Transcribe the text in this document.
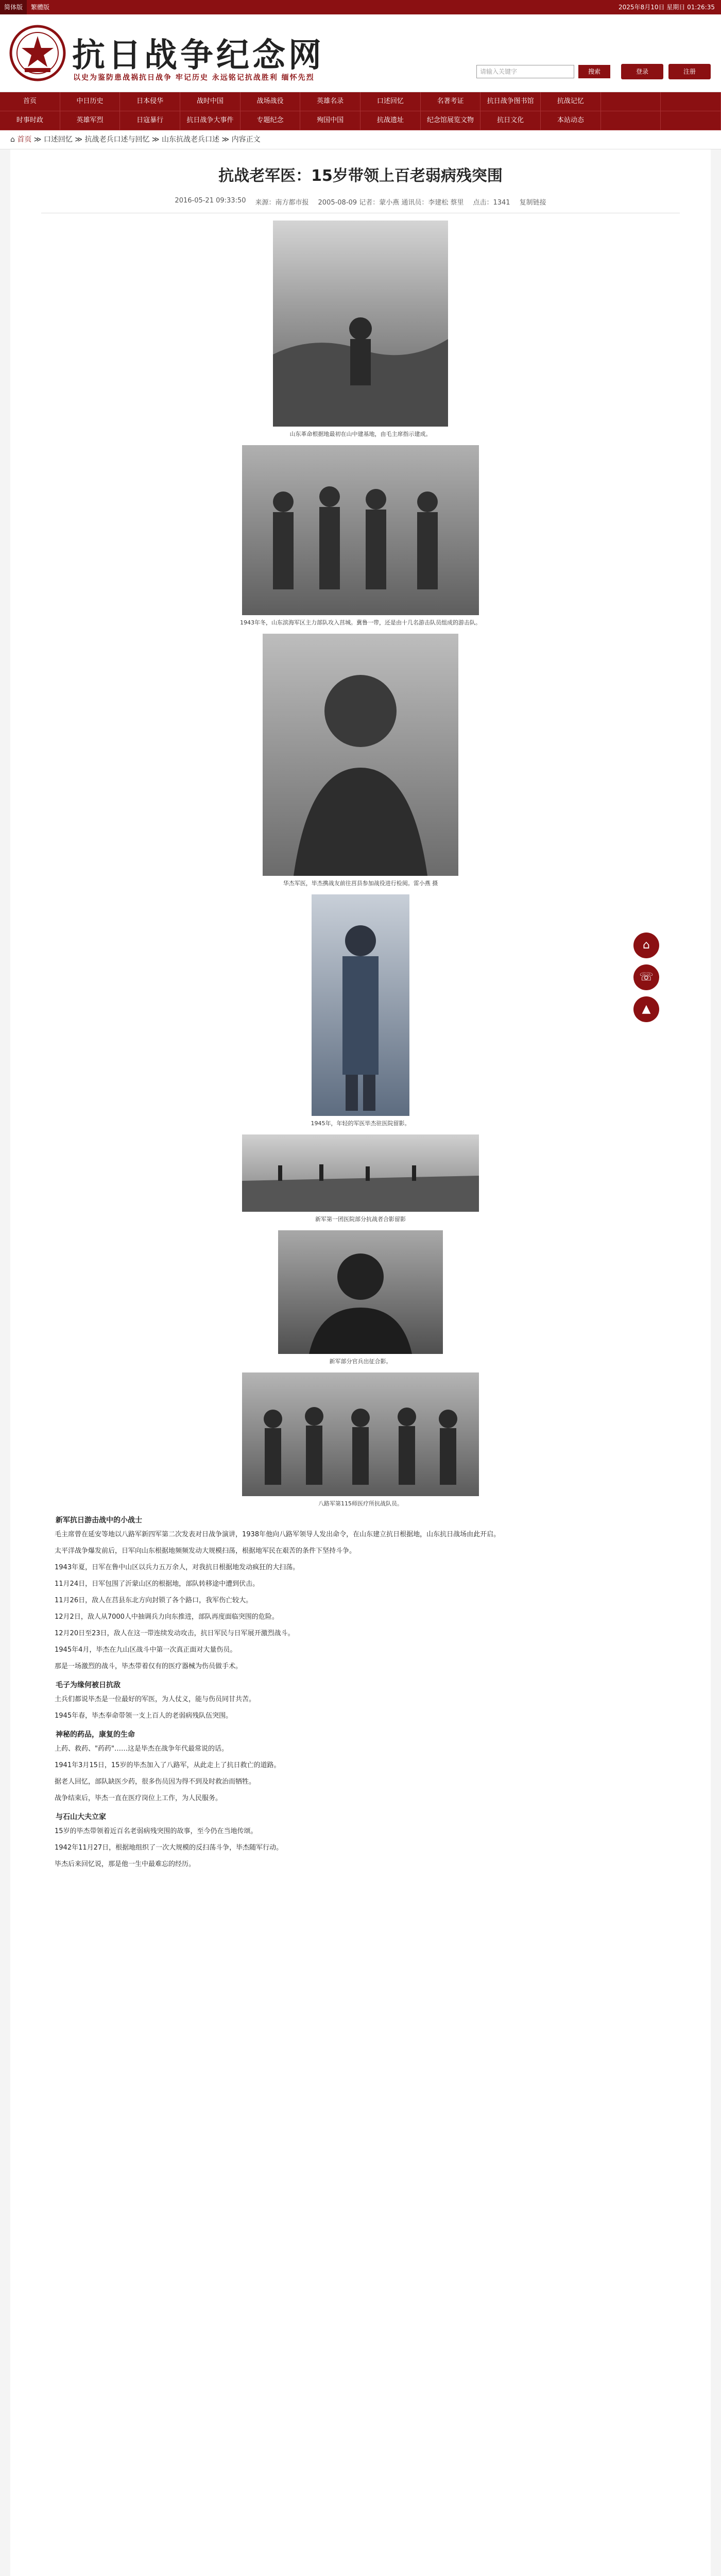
简体版	繁體版	2025年8月10日 星期日 01:26:35
抗日战争纪念网
以史为鉴防患战祸抗日战争 牢记历史 永远铭记抗战胜利 缅怀先烈
请输入关键字	搜索	登录	注册
首页	中日历史	日本侵华	战时中国	战场战役	英雄名录	口述回忆	名著考证	抗日战争图书馆	抗战记忆
时事时政	英雄军烈	日寇暴行	抗日战争大事件	专题纪念	殉国中国	抗战遗址	纪念馆展览文物	抗日文化	本站动态
⌂ 首页 ≫ 口述回忆 ≫ 抗战老兵口述与回忆 ≫ 山东抗战老兵口述 ≫ 内容正文
抗战老军医：15岁带领上百老弱病残突围
2016-05-21 09:33:50 来源：南方都市报 2005-08-09 记者：蒙小燕 通讯员：李建松 蔡里 点击：1341 复制链接
山东革命根据地最初在山中建基地，由毛主席指示建成。
1943年冬，山东滨海军区主力部队攻入莒城。冀鲁一带，还是由十几名游击队员组成的游击队。
华杰军医，毕杰携战友前往莒县参加战役进行检阅。雷小燕 摄
1945年，年轻的军医毕杰驻医院留影。
新军第一团医院部分抗战者合影留影
新军部分官兵出征合影。
八路军第115师医疗所抗战队员。
新军抗日游击战中的小战士

毛主席曾在延安等地以八路军新四军第二次发表对日战争演讲，1938年他向八路军领导人发出命令，在山东建立抗日根据地，山东抗日战场由此开启。

太平洋战争爆发前后，日军向山东根据地频频发动大规模扫荡，根据地军民在艰苦的条件下坚持斗争。

1943年夏，日军在鲁中山区以兵力五万余人，对我抗日根据地发动疯狂的大扫荡。

11月24日，日军包围了沂蒙山区的根据地，部队转移途中遭到伏击。

11月26日，敌人在莒县东北方向封锁了各个路口，我军伤亡较大。

12月2日，敌人从7000人中抽调兵力向东推进，部队再度面临突围的危险。

12月20日至23日，敌人在这一带连续发动攻击，抗日军民与日军展开激烈战斗。

1945年4月，毕杰在九山区战斗中第一次真正面对大量伤员。

那是一场激烈的战斗，毕杰带着仅有的医疗器械为伤员做手术。

毛子为缘何被日抗敌

土兵们都说毕杰是一位最好的军医，为人仗义，能与伤员同甘共苦。

1945年春，毕杰奉命带领一支上百人的老弱病残队伍突围。

神秘的药品，康复的生命

上药、救药、"药药"……这是毕杰在战争年代最常说的话。

1941年3月15日，15岁的毕杰加入了八路军，从此走上了抗日救亡的道路。

据老人回忆，部队缺医少药，很多伤员因为得不到及时救治而牺牲。

战争结束后，毕杰一直在医疗岗位上工作，为人民服务。

与石山大夫立家

15岁的毕杰带领着近百名老弱病残突围的故事，至今仍在当地传颂。

1942年11月27日，根据地组织了一次大规模的反扫荡斗争，毕杰随军行动。

毕杰后来回忆说，那是他一生中最难忘的经历。

⌂
☏
▲
